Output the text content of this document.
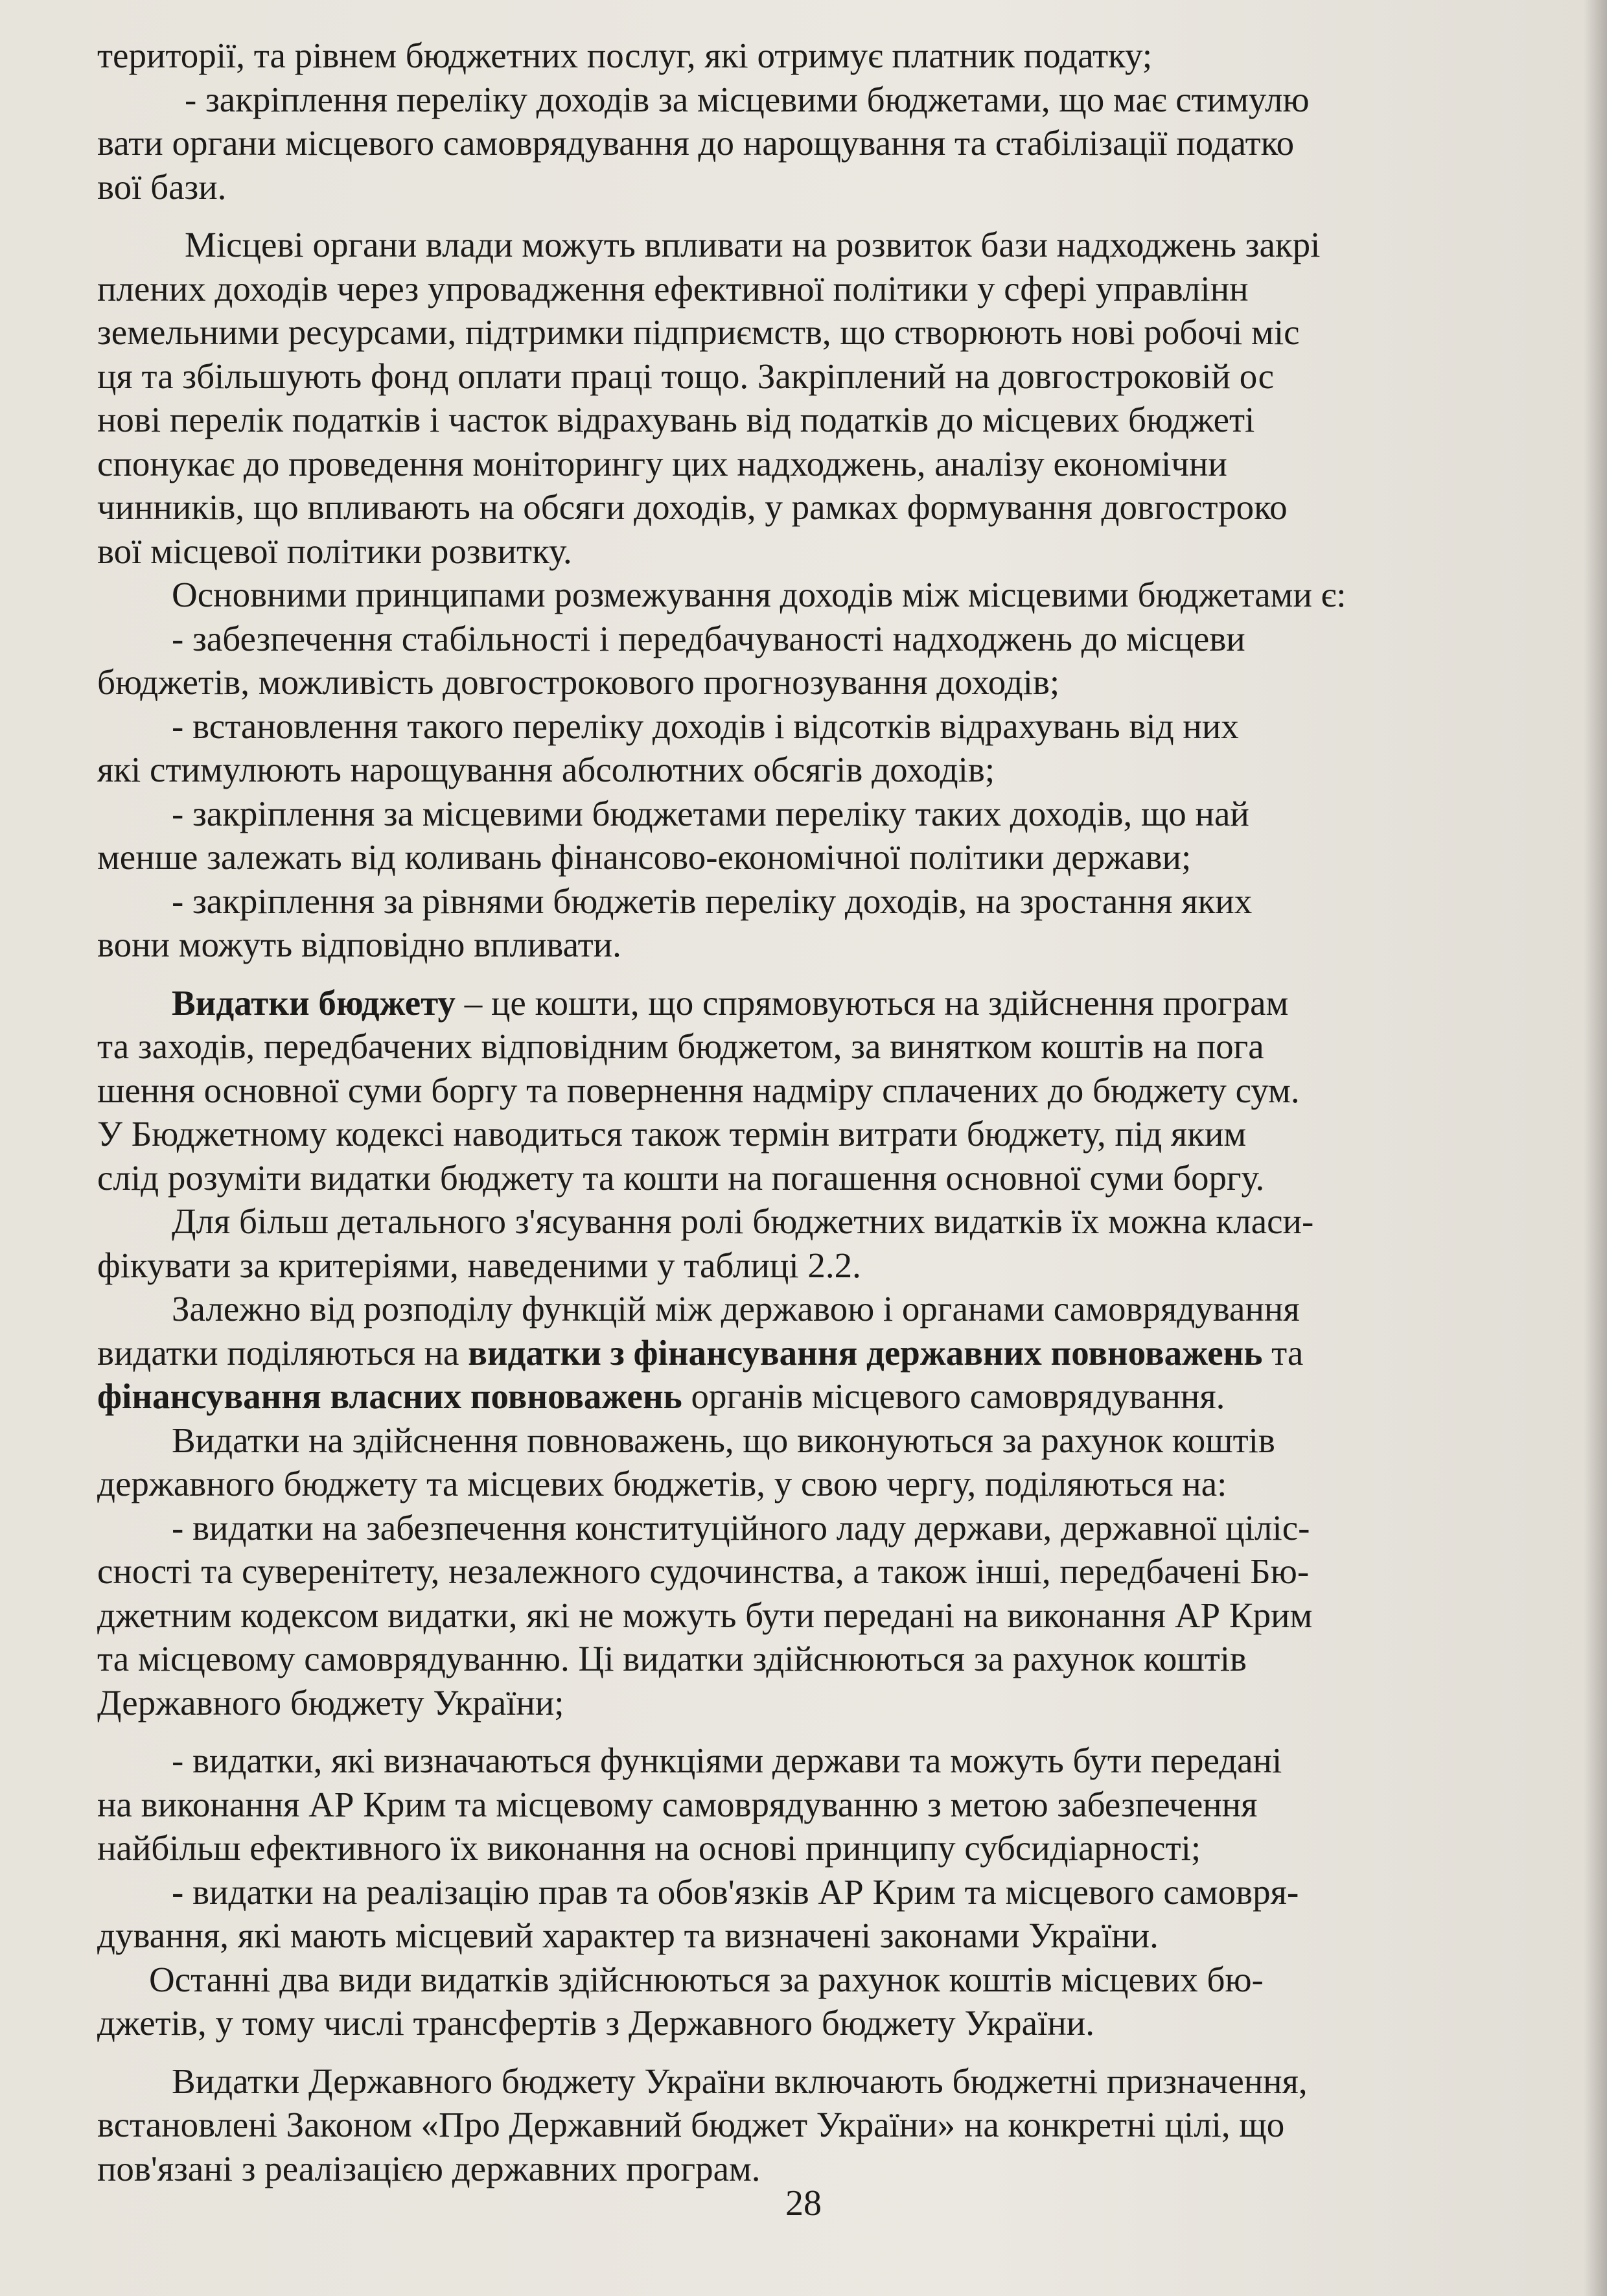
території, та рівнем бюджетних послуг, які отримує платник податку;

- закріплення переліку доходів за місцевими бюджетами, що має стимулю

вати органи місцевого самоврядування до нарощування та стабілізації податко

вої бази.

Місцеві органи влади можуть впливати на розвиток бази надходжень закрі

плених доходів через упровадження ефективної політики у сфері управлінн

земельними ресурсами, підтримки підприємств, що створюють нові робочі міс

ця та збільшують фонд оплати праці тощо. Закріплений на довгостроковій ос

нові перелік податків і часток відрахувань від податків до місцевих бюджеті

спонукає до проведення моніторингу цих надходжень, аналізу економічни

чинників, що впливають на обсяги доходів, у рамках формування довгостроко

вої місцевої політики розвитку.

Основними принципами розмежування доходів між місцевими бюджетами є:

- забезпечення стабільності і передбачуваності надходжень до місцеви

бюджетів, можливість довгострокового прогнозування доходів;

- встановлення такого переліку доходів і відсотків відрахувань від них

які стимулюють нарощування абсолютних обсягів доходів;

- закріплення за місцевими бюджетами переліку таких доходів, що най

менше залежать від коливань фінансово-економічної політики держави;

- закріплення за рівнями бюджетів переліку доходів, на зростання яких

вони можуть відповідно впливати.

Видатки бюджету – це кошти, що спрямовуються на здійснення програм

та заходів, передбачених відповідним бюджетом, за винятком коштів на пога

шення основної суми боргу та повернення надміру сплачених до бюджету сум.

У Бюджетному кодексі наводиться також термін витрати бюджету, під яким

слід розуміти видатки бюджету та кошти на погашення основної суми боргу.

Для більш детального з'ясування ролі бюджетних видатків їх можна класи-

фікувати за критеріями, наведеними у таблиці 2.2.

Залежно від розподілу функцій між державою і органами самоврядування

видатки поділяються на видатки з фінансування державних повноважень та

фінансування власних повноважень органів місцевого самоврядування.

Видатки на здійснення повноважень, що виконуються за рахунок коштів

державного бюджету та місцевих бюджетів, у свою чергу, поділяються на:

- видатки на забезпечення конституційного ладу держави, державної ціліс-

сності та суверенітету, незалежного судочинства, а також інші, передбачені Бю-

джетним кодексом видатки, які не можуть бути передані на виконання АР Крим

та місцевому самоврядуванню. Ці видатки здійснюються за рахунок коштів

Державного бюджету України;

- видатки, які визначаються функціями держави та можуть бути передані

на виконання АР Крим та місцевому самоврядуванню з метою забезпечення

найбільш ефективного їх виконання на основі принципу субсидіарності;

- видатки на реалізацію прав та обов'язків АР Крим та місцевого самовря-

дування, які мають місцевий характер та визначені законами України.

Останні два види видатків здійснюються за рахунок коштів місцевих бю-

джетів, у тому числі трансфертів з Державного бюджету України.

Видатки Державного бюджету України включають бюджетні призначення,

встановлені Законом «Про Державний бюджет України» на конкретні цілі, що

пов'язані з реалізацією державних програм.

28
